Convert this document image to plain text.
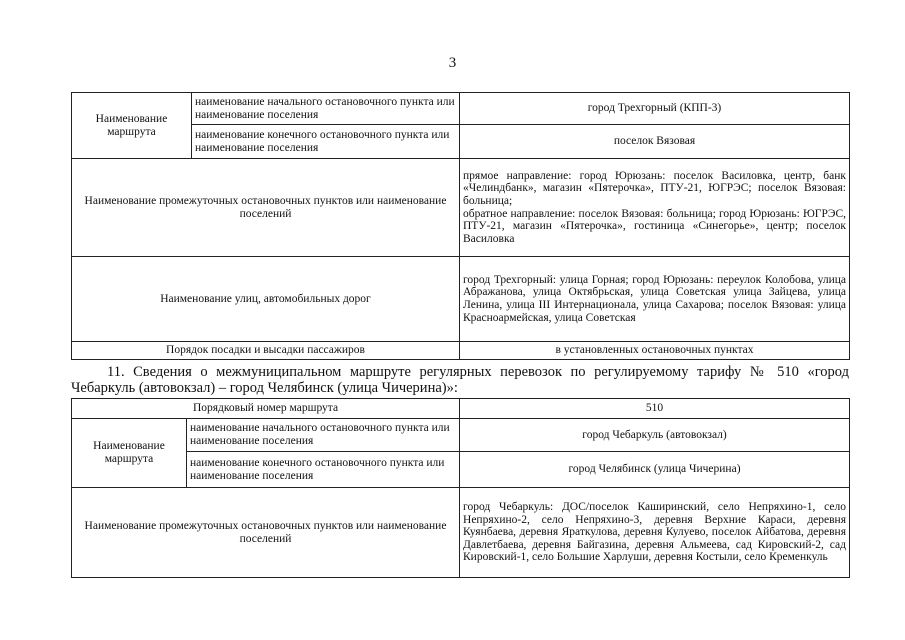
3
Наименование маршрута	наименование начального остановочного пункта или наименование поселения	город Трехгорный (КПП-3)
	наименование конечного остановочного пункта или наименование поселения	поселок Вязовая
Наименование промежуточных остановочных пунктов или наименование поселений		прямое направление: город Юрюзань: поселок Василовка, центр, банк «Челиндбанк», магазин «Пятерочка», ПТУ-21, ЮГРЭС; поселок Вязовая: больница;
обратное направление: поселок Вязовая: больница; город Юрюзань: ЮГРЭС, ПТУ-21, магазин «Пятерочка», гостиница «Синегорье», центр; поселок Василовка

Наименование улиц, автомобильных дорог		город Трехгорный: улица Горная; город Юрюзань: переулок Колобова, улица Абражанова, улица Октябрьская, улица Советская улица Зайцева, улица Ленина, улица III Интернационала, улица Сахарова; поселок Вязовая: улица Красноармейская, улица Советская
Порядок посадки и высадки пассажиров		в установленных остановочных пунктах
11. Сведения о межмуниципальном маршруте регулярных перевозок по регулируемому тарифу № 510 «город Чебаркуль (автовокзал) – город Челябинск (улица Чичерина)»:
Порядковый номер маршрута		510
Наименование маршрута	наименование начального остановочного пункта или наименование поселения	город Чебаркуль (автовокзал)
	наименование конечного остановочного пункта или наименование поселения	город Челябинск (улица Чичерина)
Наименование промежуточных остановочных пунктов или наименование поселений		город Чебаркуль: ДОС/поселок Каширинский, село Непряхино-1, село Непряхино-2, село Непряхино-3, деревня Верхние Караси, деревня Куянбаева, деревня Яраткулова, деревня Кулуево, поселок Айбатова, деревня Давлетбаева, деревня Байгазина, деревня Альмеева, сад Кировский-2, сад Кировский-1, село Большие Харлуши, деревня Костыли, село Кременкуль
